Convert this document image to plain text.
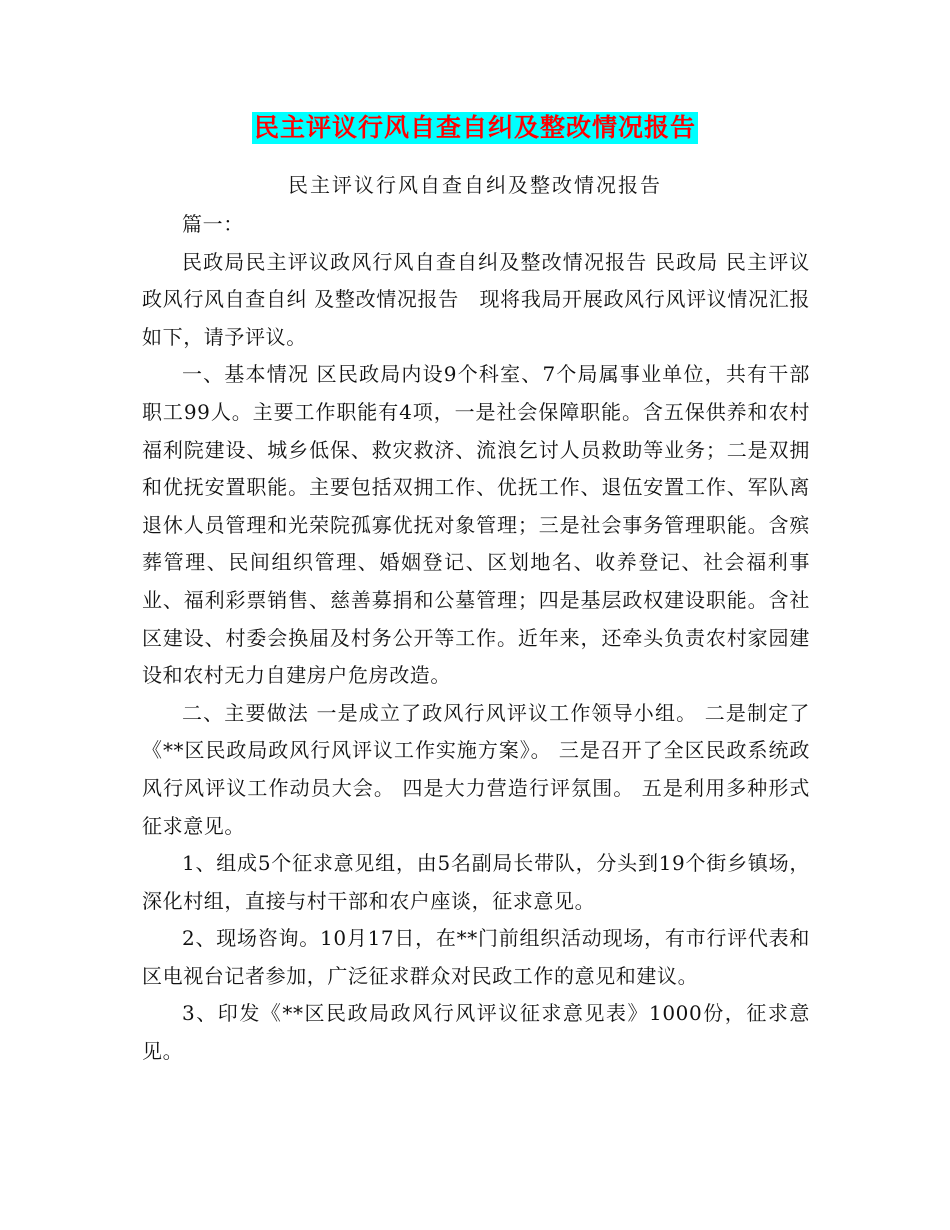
民主评议行风自查自纠及整改情况报告
民主评议行风自查自纠及整改情况报告

篇一：

民政局民主评议政风行风自查自纠及整改情况报告 民政局 民主评议政风行风自查自纠 及整改情况报告　现将我局开展政风行风评议情况汇报如下，请予评议。

一、基本情况 区民政局内设9个科室、7个局属事业单位，共有干部职工99人。主要工作职能有4项，一是社会保障职能。含五保供养和农村福利院建设、城乡低保、救灾救济、流浪乞讨人员救助等业务；二是双拥和优抚安置职能。主要包括双拥工作、优抚工作、退伍安置工作、军队离退休人员管理和光荣院孤寡优抚对象管理；三是社会事务管理职能。含殡葬管理、民间组织管理、婚姻登记、区划地名、收养登记、社会福利事业、福利彩票销售、慈善募捐和公墓管理；四是基层政权建设职能。含社区建设、村委会换届及村务公开等工作。近年来，还牵头负责农村家园建设和农村无力自建房户危房改造。

二、主要做法 一是成立了政风行风评议工作领导小组。 二是制定了《**区民政局政风行风评议工作实施方案》。 三是召开了全区民政系统政风行风评议工作动员大会。 四是大力营造行评氛围。 五是利用多种形式征求意见。

1、组成5个征求意见组，由5名副局长带队，分头到19个街乡镇场，深化村组，直接与村干部和农户座谈，征求意见。

2、现场咨询。10月17日，在**门前组织活动现场，有市行评代表和区电视台记者参加，广泛征求群众对民政工作的意见和建议。

3、印发《**区民政局政风行风评议征求意见表》1000份，征求意见。
